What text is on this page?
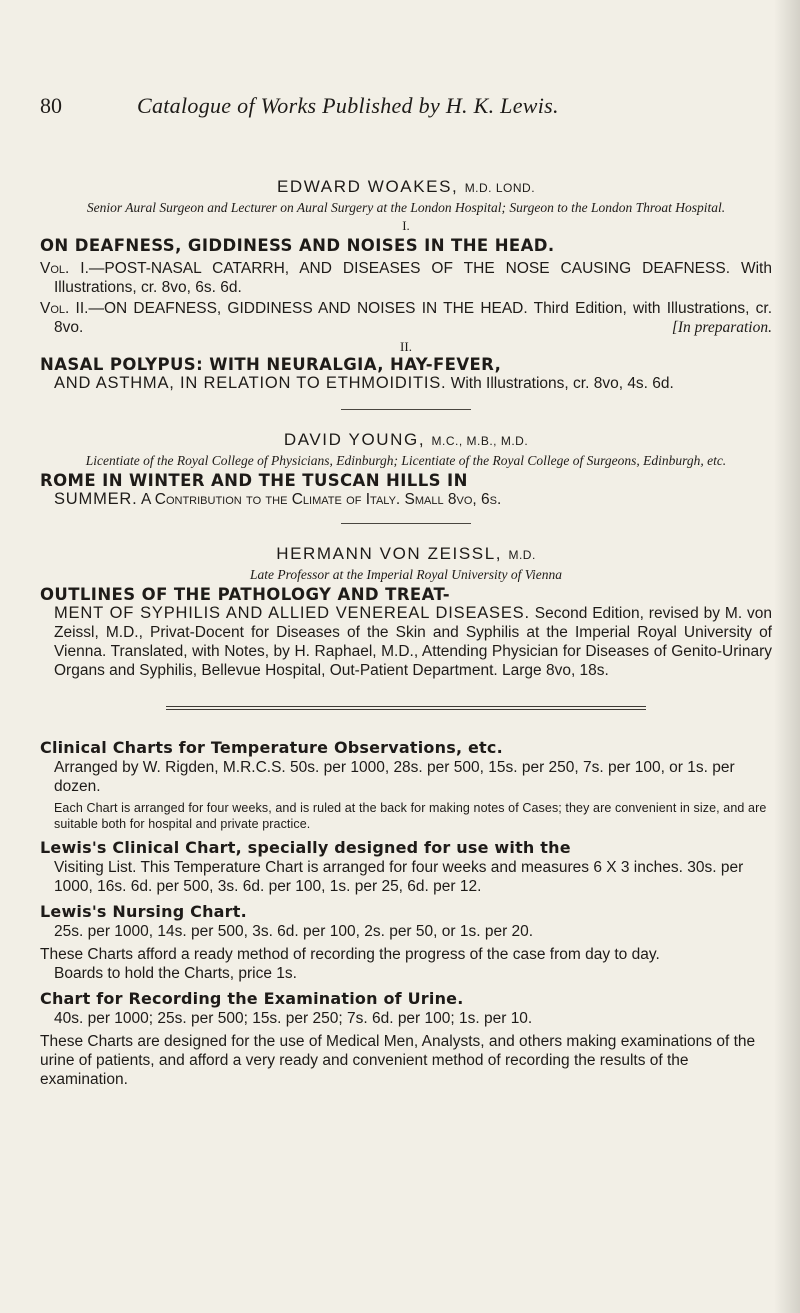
80	Catalogue of Works Published by H. K. Lewis.
EDWARD WOAKES, M.D. LOND.
Senior Aural Surgeon and Lecturer on Aural Surgery at the London Hospital; Surgeon to the London Throat Hospital.
I.
ON DEAFNESS, GIDDINESS AND NOISES IN THE HEAD.
Vol. I.—POST-NASAL CATARRH, AND DISEASES OF THE NOSE CAUSING DEAFNESS. With Illustrations, cr. 8vo, 6s. 6d.
Vol. II.—ON DEAFNESS, GIDDINESS AND NOISES IN THE HEAD. Third Edition, with Illustrations, cr. 8vo.	[In preparation.
II.
NASAL POLYPUS: WITH NEURALGIA, HAY-FEVER,
AND ASTHMA, IN RELATION TO ETHMOIDITIS. With Illustrations, cr. 8vo, 4s. 6d.
DAVID YOUNG, M.C., M.B., M.D.
Licentiate of the Royal College of Physicians, Edinburgh; Licentiate of the Royal College of Surgeons, Edinburgh, etc.
ROME IN WINTER AND THE TUSCAN HILLS IN
SUMMER. A Contribution to the Climate of Italy. Small 8vo, 6s.
HERMANN VON ZEISSL, M.D.
Late Professor at the Imperial Royal University of Vienna
OUTLINES OF THE PATHOLOGY AND TREAT-
MENT OF SYPHILIS AND ALLIED VENEREAL DISEASES. Second Edition, revised by M. von Zeissl, M.D., Privat-Docent for Diseases of the Skin and Syphilis at the Imperial Royal University of Vienna. Translated, with Notes, by H. Raphael, M.D., Attending Physician for Diseases of Genito-Urinary Organs and Syphilis, Bellevue Hospital, Out-Patient Department. Large 8vo, 18s.
Clinical Charts for Temperature Observations, etc.
Arranged by W. Rigden, M.R.C.S. 50s. per 1000, 28s. per 500, 15s. per 250, 7s. per 100, or 1s. per dozen.
Each Chart is arranged for four weeks, and is ruled at the back for making notes of Cases; they are convenient in size, and are suitable both for hospital and private practice.
Lewis's Clinical Chart, specially designed for use with the
Visiting List. This Temperature Chart is arranged for four weeks and measures 6 X 3 inches. 30s. per 1000, 16s. 6d. per 500, 3s. 6d. per 100, 1s. per 25, 6d. per 12.
Lewis's Nursing Chart.
25s. per 1000, 14s. per 500, 3s. 6d. per 100, 2s. per 50, or 1s. per 20.
These Charts afford a ready method of recording the progress of the case from day to day.
Boards to hold the Charts, price 1s.
Chart for Recording the Examination of Urine.
40s. per 1000; 25s. per 500; 15s. per 250; 7s. 6d. per 100; 1s. per 10.
These Charts are designed for the use of Medical Men, Analysts, and others making examinations of the urine of patients, and afford a very ready and convenient method of recording the results of the examination.
